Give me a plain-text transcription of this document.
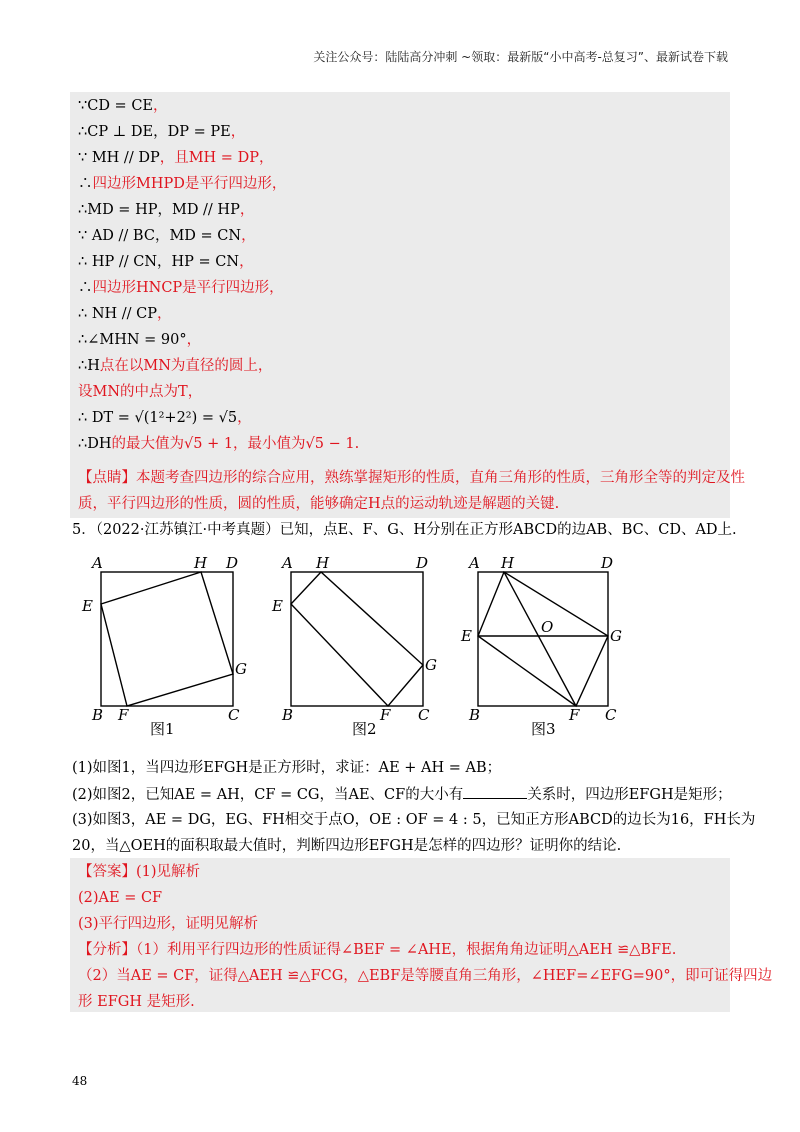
关注公众号：陆陆高分冲刺 ~领取：最新版“小中高考-总复习”、最新试卷下载
∵CD = CE，
∴CP ⊥ DE，DP = PE，
∵ MH // DP，且MH = DP，
∴四边形MHPD是平行四边形，
∴MD = HP，MD // HP，
∵ AD // BC，MD = CN，
∴ HP // CN，HP = CN，
∴四边形HNCP是平行四边形，
∴ NH // CP，
∴∠MHN = 90°，
∴H点在以MN为直径的圆上，
设MN的中点为T，
∴ DT = √(1²+2²) = √5，
∴DH的最大值为√5 + 1，最小值为√5 − 1.
【点睛】本题考查四边形的综合应用，熟练掌握矩形的性质，直角三角形的性质，三角形全等的判定及性
质，平行四边形的性质，圆的性质，能够确定H点的运动轨迹是解题的关键.
5．（2022·江苏镇江·中考真题）已知，点E、F、G、H分别在正方形ABCD的边AB、BC、CD、AD上.
A	H D
E
G
B F	C
图1
A H	D
E
G
B	F C
图2
A H	D
E	O	G
B	F C
图3
(1)如图1，当四边形EFGH是正方形时，求证：AE + AH = AB；
(2)如图2，已知AE = AH，CF = CG，当AE、CF的大小有	关系时，四边形EFGH是矩形；
(3)如图3，AE = DG，EG、FH相交于点O，OE : OF = 4 : 5，已知正方形ABCD的边长为16，FH长为
20，当△OEH的面积取最大值时，判断四边形EFGH是怎样的四边形？证明你的结论.
【答案】(1)见解析
(2)AE = CF
(3)平行四边形，证明见解析
【分析】（1）利用平行四边形的性质证得∠BEF = ∠AHE，根据角角边证明△AEH ≌△BFE.
（2）当AE = CF，证得△AEH ≌△FCG，△EBF是等腰直角三角形，∠HEF=∠EFG=90°，即可证得四边
形 EFGH 是矩形.
48
